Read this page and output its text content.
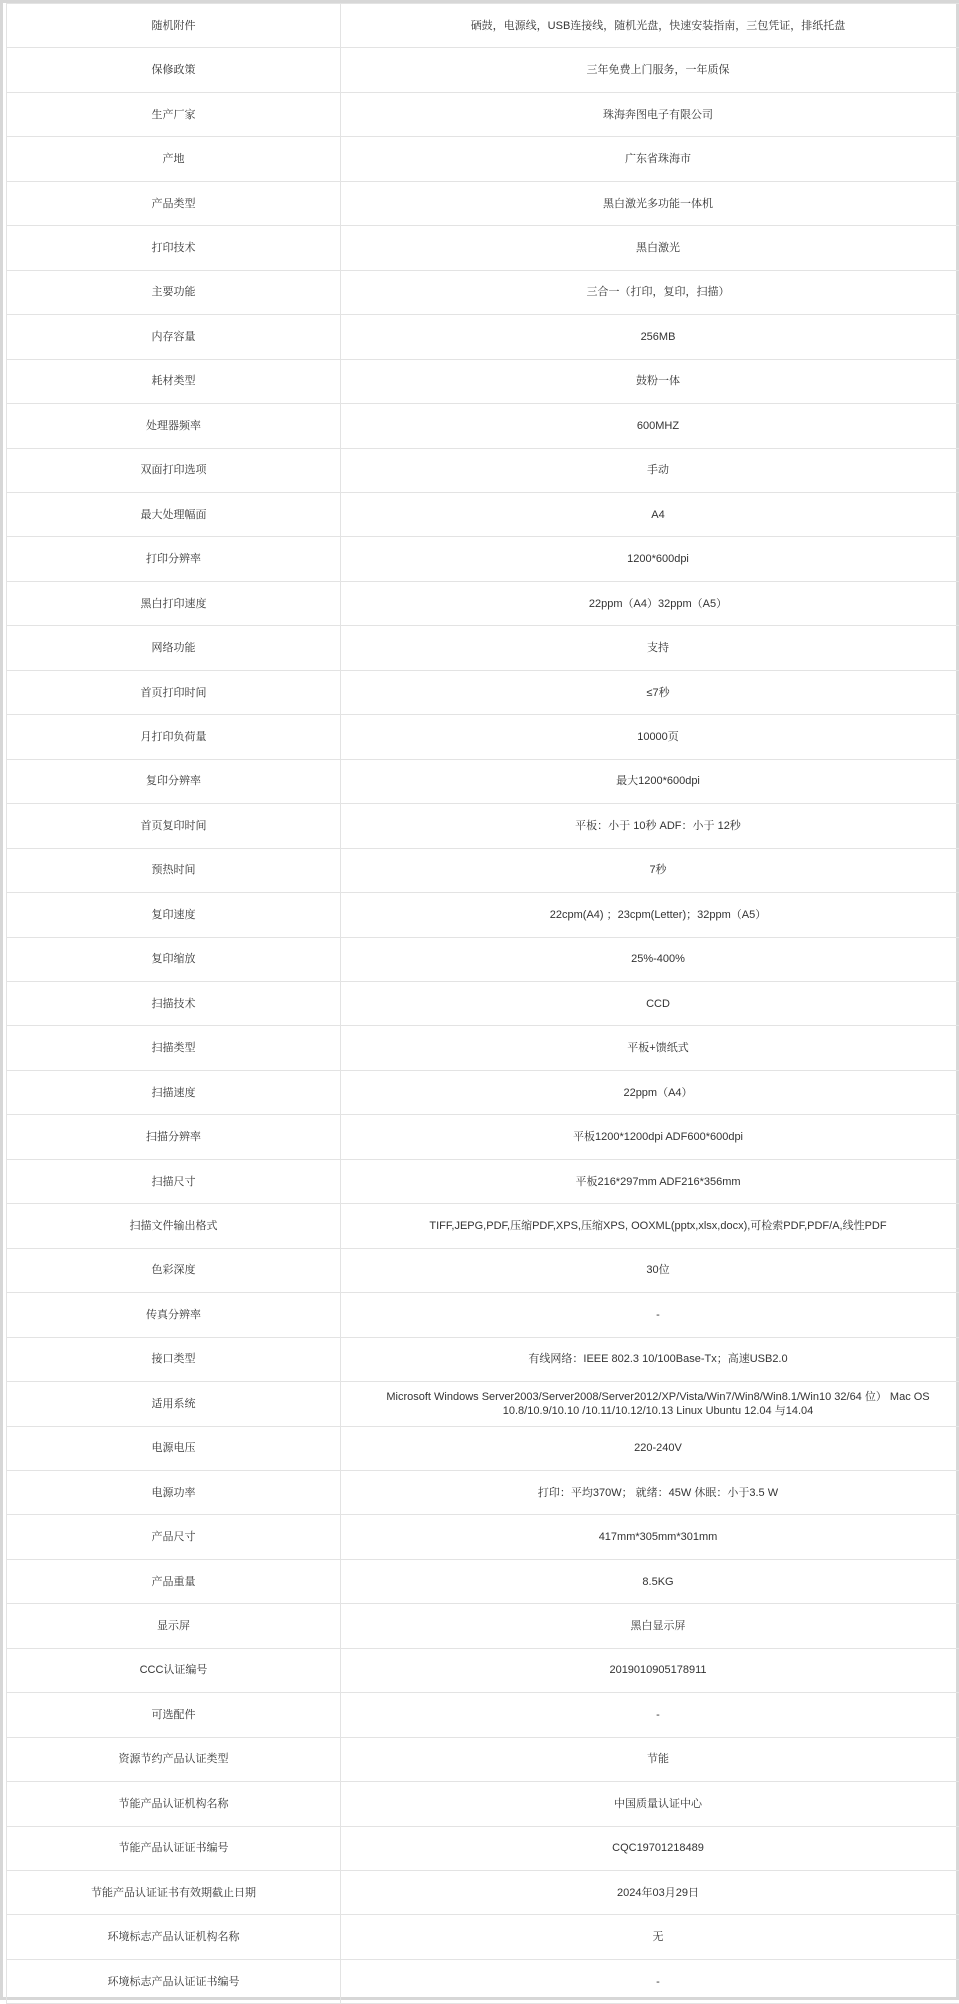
随机附件	硒鼓，电源线，USB连接线，随机光盘，快速安装指南，三包凭证，排纸托盘
保修政策	三年免费上门服务，一年质保
生产厂家	珠海奔图电子有限公司
产地	广东省珠海市
产品类型	黑白激光多功能一体机
打印技术	黑白激光
主要功能	三合一（打印，复印，扫描）
内存容量	256MB
耗材类型	鼓粉一体
处理器频率	600MHZ
双面打印选项	手动
最大处理幅面	A4
打印分辨率	1200*600dpi
黑白打印速度	22ppm（A4）32ppm（A5）
网络功能	支持
首页打印时间	≤7秒
月打印负荷量	10000页
复印分辨率	最大1200*600dpi
首页复印时间	平板：小于 10秒 ADF：小于 12秒
预热时间	7秒
复印速度	22cpm(A4) ；23cpm(Letter)；32ppm（A5）
复印缩放	25%-400%
扫描技术	CCD
扫描类型	平板+馈纸式
扫描速度	22ppm（A4）
扫描分辨率	平板1200*1200dpi ADF600*600dpi
扫描尺寸	平板216*297mm ADF216*356mm
扫描文件输出格式	TIFF,JEPG,PDF,压缩PDF,XPS,压缩XPS, OOXML(pptx,xlsx,docx),可检索PDF,PDF/A,线性PDF
色彩深度	30位
传真分辨率	-
接口类型	有线网络：IEEE 802.3 10/100Base-Tx；高速USB2.0
适用系统	Microsoft Windows Server2003/Server2008/Server2012/XP/Vista/Win7/Win8/Win8.1/Win10 32/64 位） Mac OS 10.8/10.9/10.10 /10.11/10.12/10.13 Linux Ubuntu 12.04 与14.04
电源电压	220-240V
电源功率	打印：平均370W； 就绪：45W 休眠：小于3.5 W
产品尺寸	417mm*305mm*301mm
产品重量	8.5KG
显示屏	黑白显示屏
CCC认证编号	2019010905178911
可选配件	-
资源节约产品认证类型	节能
节能产品认证机构名称	中国质量认证中心
节能产品认证证书编号	CQC19701218489
节能产品认证证书有效期截止日期	2024年03月29日
环境标志产品认证机构名称	无
环境标志产品认证证书编号	-
